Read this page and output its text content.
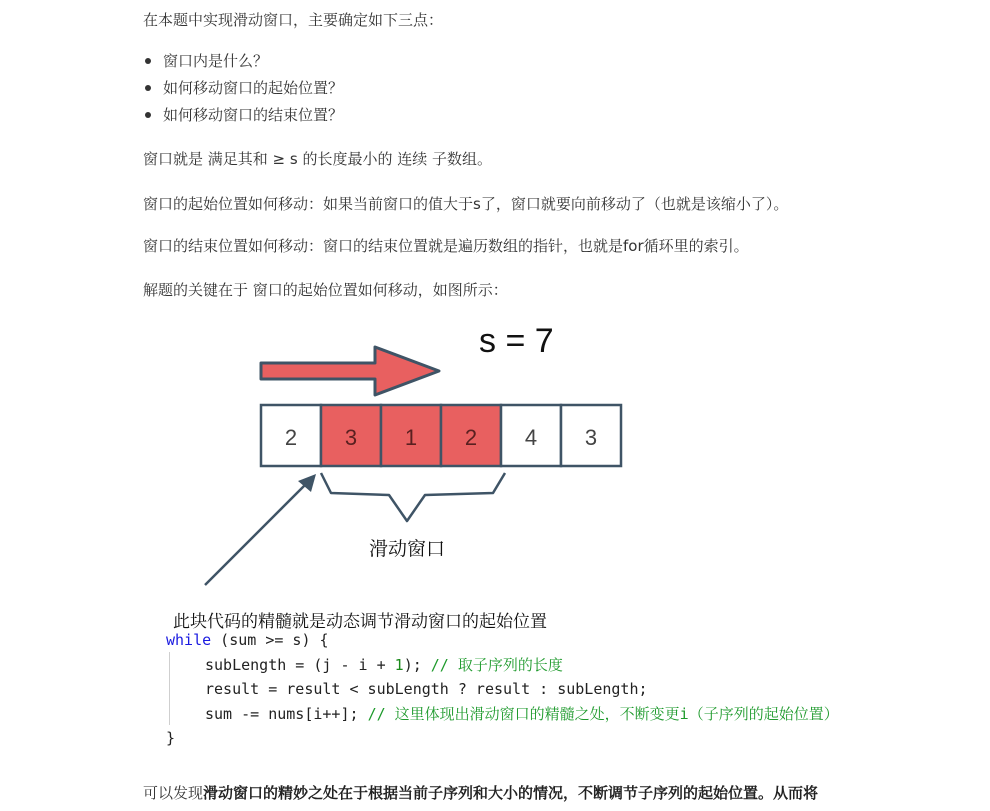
在本题中实现滑动窗口，主要确定如下三点：
窗口内是什么？
如何移动窗口的起始位置？
如何移动窗口的结束位置？
窗口就是 满足其和 ≥ s 的长度最小的 连续 子数组。
窗口的起始位置如何移动：如果当前窗口的值大于s了，窗口就要向前移动了（也就是该缩小了）。
窗口的结束位置如何移动：窗口的结束位置就是遍历数组的指针，也就是for循环里的索引。
解题的关键在于 窗口的起始位置如何移动，如图所示：
s = 7
2 3 1 2 4 3
滑动窗口
此块代码的精髓就是动态调节滑动窗口的起始位置
while (sum >= s) {
subLength = (j - i + 1); // 取子序列的长度
result = result < subLength ? result : subLength;
sum -= nums[i++]; // 这里体现出滑动窗口的精髓之处，不断变更i（子序列的起始位置）
}
可以发现滑动窗口的精妙之处在于根据当前子序列和大小的情况，不断调节子序列的起始位置。从而将
